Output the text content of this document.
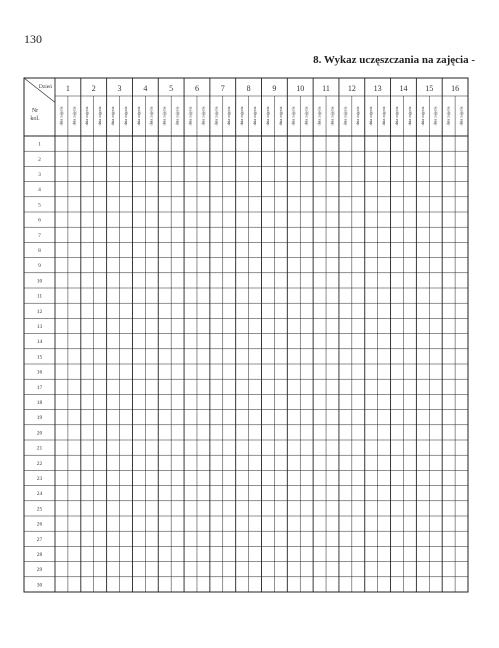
130
8. Wykaz uczęszczania na zajęcia -
Dzień
Nr
kol.
1
data zajęcia data zajęcia
2
data zajęcia data zajęcia
3
data zajęcia data zajęcia
4
data zajęcia data zajęcia
5
data zajęcia data zajęcia
6
data zajęcia data zajęcia
7
data zajęcia data zajęcia
8
data zajęcia data zajęcia
9
data zajęcia data zajęcia
10
data zajęcia data zajęcia
11
data zajęcia data zajęcia
12
data zajęcia data zajęcia
13
data zajęcia data zajęcia
14
data zajęcia data zajęcia
15
data zajęcia data zajęcia
16
data zajęcia data zajęcia
1
2
3
4
5
6
7
8
9
10
11
12
13
14
15
16
17
18
19
20
21
22
23
24
25
26
27
28
29
30
